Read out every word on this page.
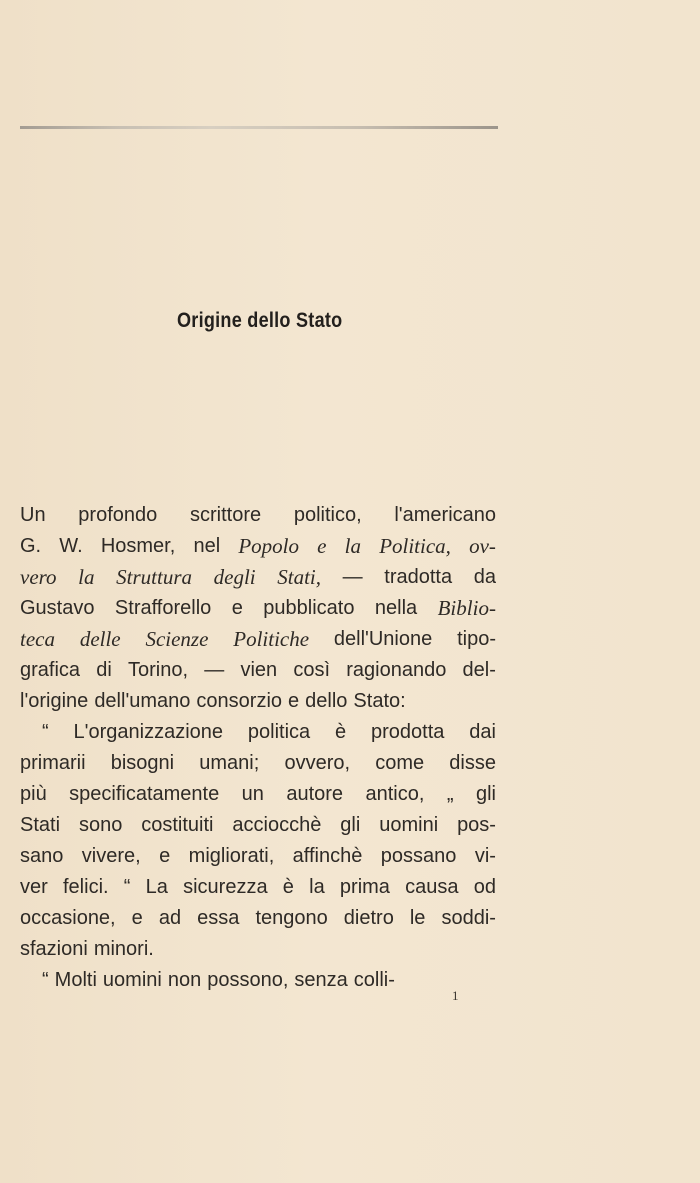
Origine dello Stato
Un profondo scrittore politico, l'americano
G. W. Hosmer, nel Popolo e la Politica, ov-
vero la Struttura degli Stati, — tradotta da
Gustavo Strafforello e pubblicato nella Biblio-
teca delle Scienze Politiche dell'Unione tipo-
grafica di Torino, — vien così ragionando del-
l'origine dell'umano consorzio e dello Stato:
“ L'organizzazione politica è prodotta dai
primarii bisogni umani; ovvero, come disse
più specificatamente un autore antico, „ gli
Stati sono costituiti acciocchè gli uomini pos-
sano vivere, e migliorati, affinchè possano vi-
ver felici. “ La sicurezza è la prima causa od
occasione, e ad essa tengono dietro le soddi-
sfazioni minori.
“ Molti uomini non possono, senza colli-
1
